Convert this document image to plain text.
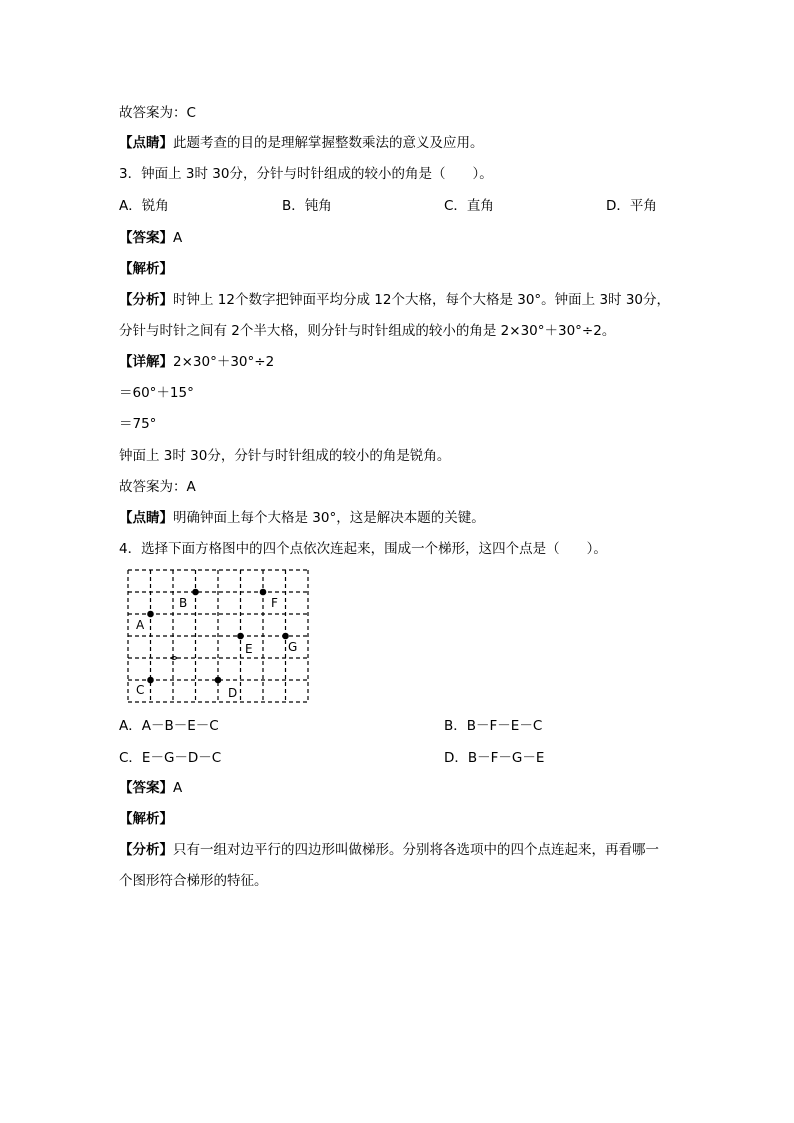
故答案为：C
【点睛】此题考查的目的是理解掌握整数乘法的意义及应用。
3．钟面上 3时 30分，分针与时针组成的较小的角是（　　）。
A．锐角	B．钝角	C．直角	D．平角
【答案】A
【解析】
【分析】时钟上 12个数字把钟面平均分成 12个大格，每个大格是 30°。钟面上 3时 30分，
分针与时针之间有 2个半大格，则分针与时针组成的较小的角是 2×30°＋30°÷2。
【详解】2×30°＋30°÷2
＝60°＋15°
＝75°
钟面上 3时 30分，分针与时针组成的较小的角是锐角。
故答案为：A
【点睛】明确钟面上每个大格是 30°，这是解决本题的关键。
4．选择下面方格图中的四个点依次连起来，围成一个梯形，这四个点是（　　）。
A
B
C	D
E
F
G
A．A－B－E－C	B．B－F－E－C
C．E－G－D－C	D．B－F－G－E
【答案】A
【解析】
【分析】只有一组对边平行的四边形叫做梯形。分别将各选项中的四个点连起来，再看哪一
个图形符合梯形的特征。
